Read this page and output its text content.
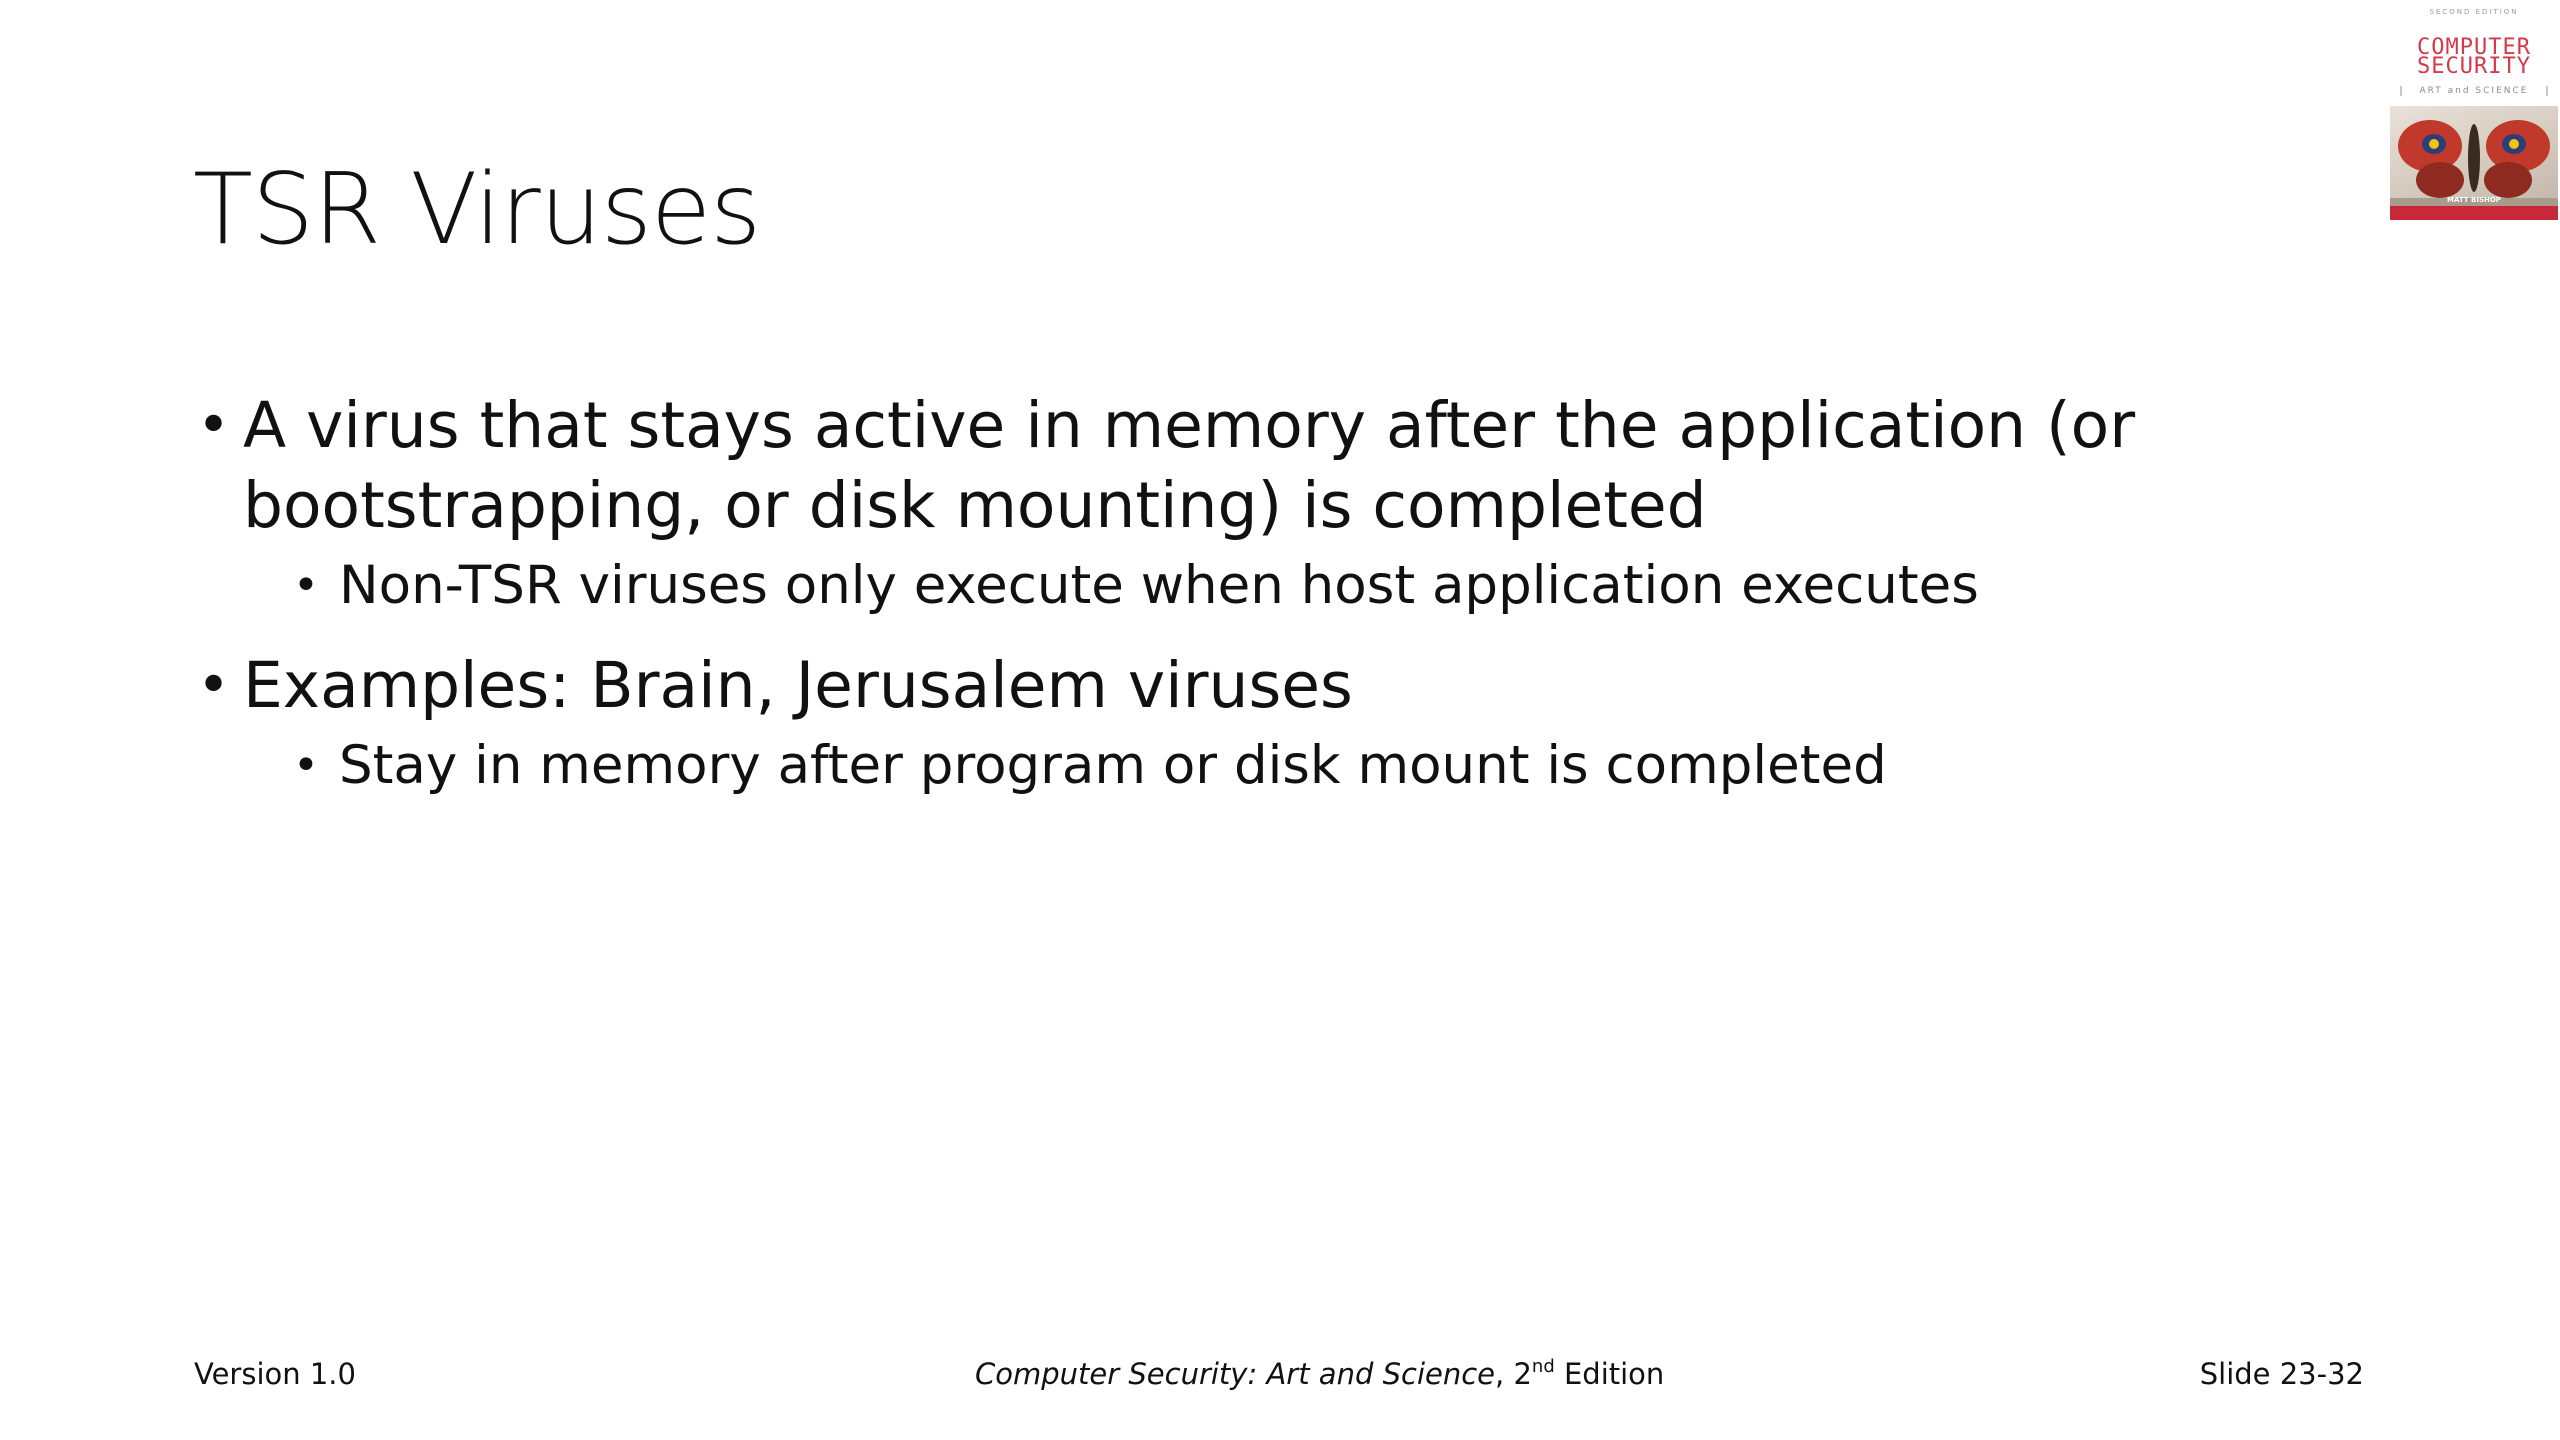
TSR Viruses

• A virus that stays active in memory after the application (or bootstrapping, or disk mounting) is completed

• Non-TSR viruses only execute when host application executes

• Examples: Brain, Jerusalem viruses

• Stay in memory after program or disk mount is completed

Version 1.0	Computer Security: Art and Science, 2nd Edition	Slide 23-32
SECOND EDITION
COMPUTER
SECURITY
ART and SCIENCE
MATT BISHOP
